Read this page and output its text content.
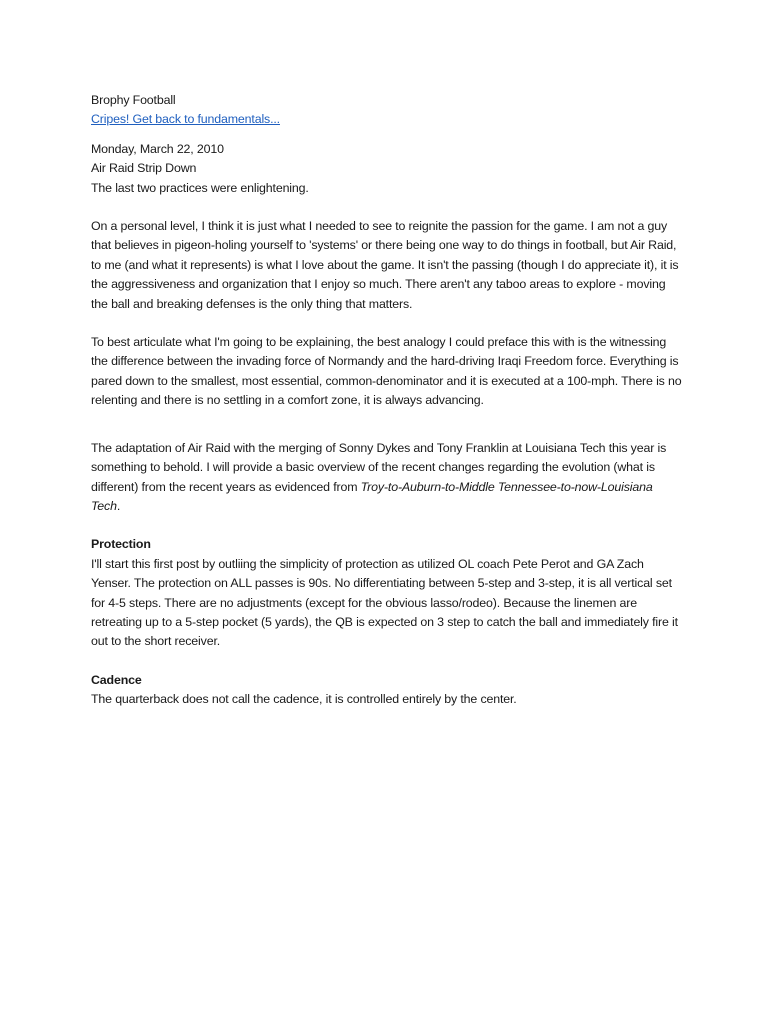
Brophy Football

Cripes! Get back to fundamentals...

Monday, March 22, 2010

Air Raid Strip Down

The last two practices were enlightening.

On a personal level, I think it is just what I needed to see to reignite the passion for the game. I am not a guy that believes in pigeon-holing yourself to 'systems' or there being one way to do things in football, but Air Raid, to me (and what it represents) is what I love about the game. It isn't the passing (though I do appreciate it), it is the aggressiveness and organization that I enjoy so much. There aren't any taboo areas to explore - moving the ball and breaking defenses is the only thing that matters.

To best articulate what I'm going to be explaining, the best analogy I could preface this with is the witnessing the difference between the invading force of Normandy and the hard-driving Iraqi Freedom force. Everything is pared down to the smallest, most essential, common-denominator and it is executed at a 100-mph. There is no relenting and there is no settling in a comfort zone, it is always advancing.

The adaptation of Air Raid with the merging of Sonny Dykes and Tony Franklin at Louisiana Tech this year is something to behold. I will provide a basic overview of the recent changes regarding the evolution (what is different) from the recent years as evidenced from Troy-to-Auburn-to-Middle Tennessee-to-now-Louisiana Tech.

Protection

I'll start this first post by outliing the simplicity of protection as utilized OL coach Pete Perot and GA Zach Yenser. The protection on ALL passes is 90s. No differentiating between 5-step and 3-step, it is all vertical set for 4-5 steps. There are no adjustments (except for the obvious lasso/rodeo). Because the linemen are retreating up to a 5-step pocket (5 yards), the QB is expected on 3 step to catch the ball and immediately fire it out to the short receiver.

Cadence

The quarterback does not call the cadence, it is controlled entirely by the center.
